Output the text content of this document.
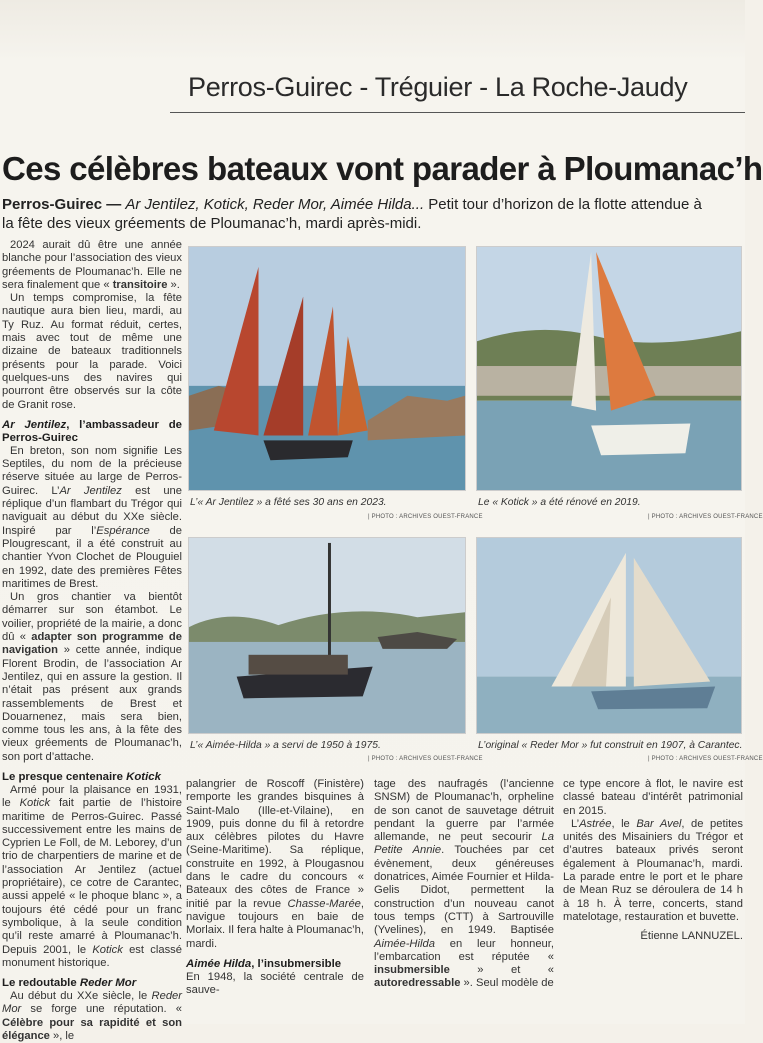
Perros-Guirec - Tréguier - La Roche-Jaudy
Ces célèbres bateaux vont parader à Ploumanac’h
Perros-Guirec — Ar Jentilez, Kotick, Reder Mor, Aimée Hilda... Petit tour d’horizon de la flotte attendue à la fête des vieux gréements de Ploumanac’h, mardi après-midi.

2024 aurait dû être une année blanche pour l’association des vieux gréements de Ploumanac’h. Elle ne sera finalement que « transitoire ».

Un temps compromise, la fête nautique aura bien lieu, mardi, au Ty Ruz. Au format réduit, certes, mais avec tout de même une dizaine de bateaux traditionnels présents pour la parade. Voici quelques-uns des navires qui pourront être observés sur la côte de Granit rose.

Ar Jentilez, l’ambassadeur de Perros-Guirec

En breton, son nom signifie Les Septiles, du nom de la précieuse réserve située au large de Perros-Guirec. L’Ar Jentilez est une réplique d’un flambart du Trégor qui naviguait au début du XXe siècle. Inspiré par l’Espérance de Plougrescant, il a été construit au chantier Yvon Clochet de Plouguiel en 1992, date des premières Fêtes maritimes de Brest.

Un gros chantier va bientôt démarrer sur son étambot. Le voilier, propriété de la mairie, a donc dû « adapter son programme de navigation » cette année, indique Florent Brodin, de l’association Ar Jentilez, qui en assure la gestion. Il n’était pas présent aux grands rassemblements de Brest et Douarnenez, mais sera bien, comme tous les ans, à la fête des vieux gréements de Ploumanac’h, son port d’attache.

Le presque centenaire Kotick

Armé pour la plaisance en 1931, le Kotick fait partie de l’histoire maritime de Perros-Guirec. Passé successivement entre les mains de Cyprien Le Foll, de M. Leborey, d’un trio de charpentiers de marine et de l’association Ar Jentilez (actuel propriétaire), ce cotre de Carantec, aussi appelé « le phoque blanc », a toujours été cédé pour un franc symbolique, à la seule condition qu’il reste amarré à Ploumanac’h. Depuis 2001, le Kotick est classé monument historique.

Le redoutable Reder Mor

Au début du XXe siècle, le Reder Mor se forge une réputation. « Célèbre pour sa rapidité et son élégance », le

L’« Ar Jentilez » a fêté ses 30 ans en 2023.
| PHOTO : ARCHIVES OUEST-FRANCE
Le « Kotick » a été rénové en 2019.
| PHOTO : ARCHIVES OUEST-FRANCE
L’« Aimée-Hilda » a servi de 1950 à 1975.
| PHOTO : ARCHIVES OUEST-FRANCE
L’original « Reder Mor » fut construit en 1907, à Carantec.
| PHOTO : ARCHIVES OUEST-FRANCE

palangrier de Roscoff (Finistère) remporte les grandes bisquines à Saint-Malo (Ille-et-Vilaine), en 1909, puis donne du fil à retordre aux célèbres pilotes du Havre (Seine-Maritime). Sa réplique, construite en 1992, à Plougasnou dans le cadre du concours « Bateaux des côtes de France » initié par la revue Chasse-Marée, navigue toujours en baie de Morlaix. Il fera halte à Ploumanac’h, mardi.

Aimée Hilda, l’insubmersible

En 1948, la société centrale de sauve-

tage des naufragés (l’ancienne SNSM) de Ploumanac’h, orpheline de son canot de sauvetage détruit pendant la guerre par l’armée allemande, ne peut secourir La Petite Annie. Touchées par cet évènement, deux généreuses donatrices, Aimée Fournier et Hilda-Gelis Didot, permettent la construction d’un nouveau canot tous temps (CTT) à Sartrouville (Yvelines), en 1949. Baptisée Aimée-Hilda en leur honneur, l’embarcation est réputée « insubmersible » et « autoredressable ». Seul modèle de

ce type encore à flot, le navire est classé bateau d’intérêt patrimonial en 2015.

L’Astrée, le Bar Avel, de petites unités des Misainiers du Trégor et d’autres bateaux privés seront également à Ploumanac’h, mardi. La parade entre le port et le phare de Mean Ruz se déroulera de 14 h à 18 h. À terre, concerts, stand matelotage, restauration et buvette.

Étienne LANNUZEL.
